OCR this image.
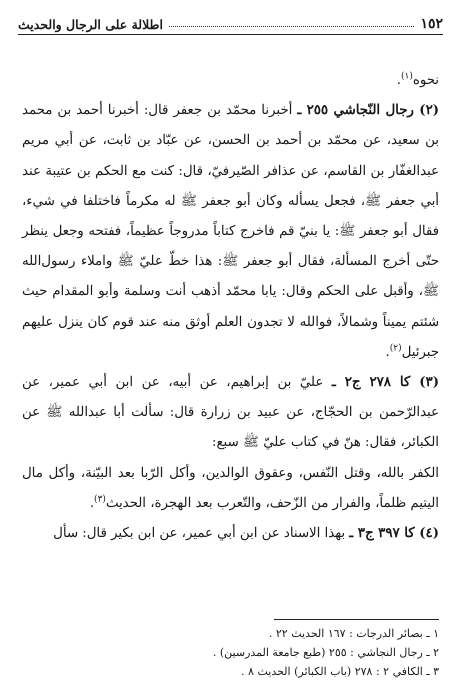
١٥٢
اطلالة على الرجال والحديث

نحوه$^{(١)}$.

(٢) رجال النّجاشي ٢٥٥ ـ أخبرنا محمّد بن جعفر قال: أخبرنا أحمد بن محمد بن سعيد، عن محمّد بن أحمد بن الحسن، عن عبّاد بن ثابت، عن أبي مريم عبدالغفّار بن القاسم، عن عذافر الصّيرفيّ، قال: كنت مع الحكم بن عتيبة عند أبي جعفر ﷺ، فجعل يسأله وكان أبو جعفر ﷺ له مكرماً فاختلفا في شيء، فقال أبو جعفر ﷺ: يا بنيّ قم فاخرج كتاباً مدروجاً عظيماً، ففتحه وجعل ينظر حتّى أخرج المسألة، فقال أبو جعفر ﷺ: هذا خطّ عليّ ﷺ واملاء رسول‌الله ﷺ، وأقبل على الحكم وقال: يابا محمّد أذهب أنت وسلمة وأبو المقدام حيث شئتم يميناً وشمالاً، فوالله لا تجدون العلم أوثق منه عند قوم كان ينزل عليهم جبرئيل$^{(٢)}$.

(٣) كا ٢٧٨ ج٢ ـ عليّ بن إبراهيم، عن أبيه، عن ابن أبي عمير، عن عبدالرّحمن بن الحجّاج، عن عبيد بن زرارة قال: سألت أبا عبدالله ﷺ عن الكبائر، فقال: هنّ في كتاب عليّ ﷺ سبع:

الكفر بالله، وقتل النّفس، وعقوق الوالدين، وأكل الرّبا بعد البيّنة، وأكل مال اليتيم ظلماً، والفرار من الزّحف، والتّعرب بعد الهجرة، الحديث$^{(٣)}$.

(٤) كا ٣٩٧ ج٣ ـ بهذا الاسناد عن ابن أبي عمير، عن ابن بكير قال: سأل

١ ـ بصائر الدرجات : ١٦٧ الحديث ٢٢ .
٢ ـ رجال النجاشي : ٢٥٥ (طبع جامعة المدرسين) .
٣ ـ الكافي ٢ : ٢٧٨ (باب الكبائر) الحديث ٨ .
